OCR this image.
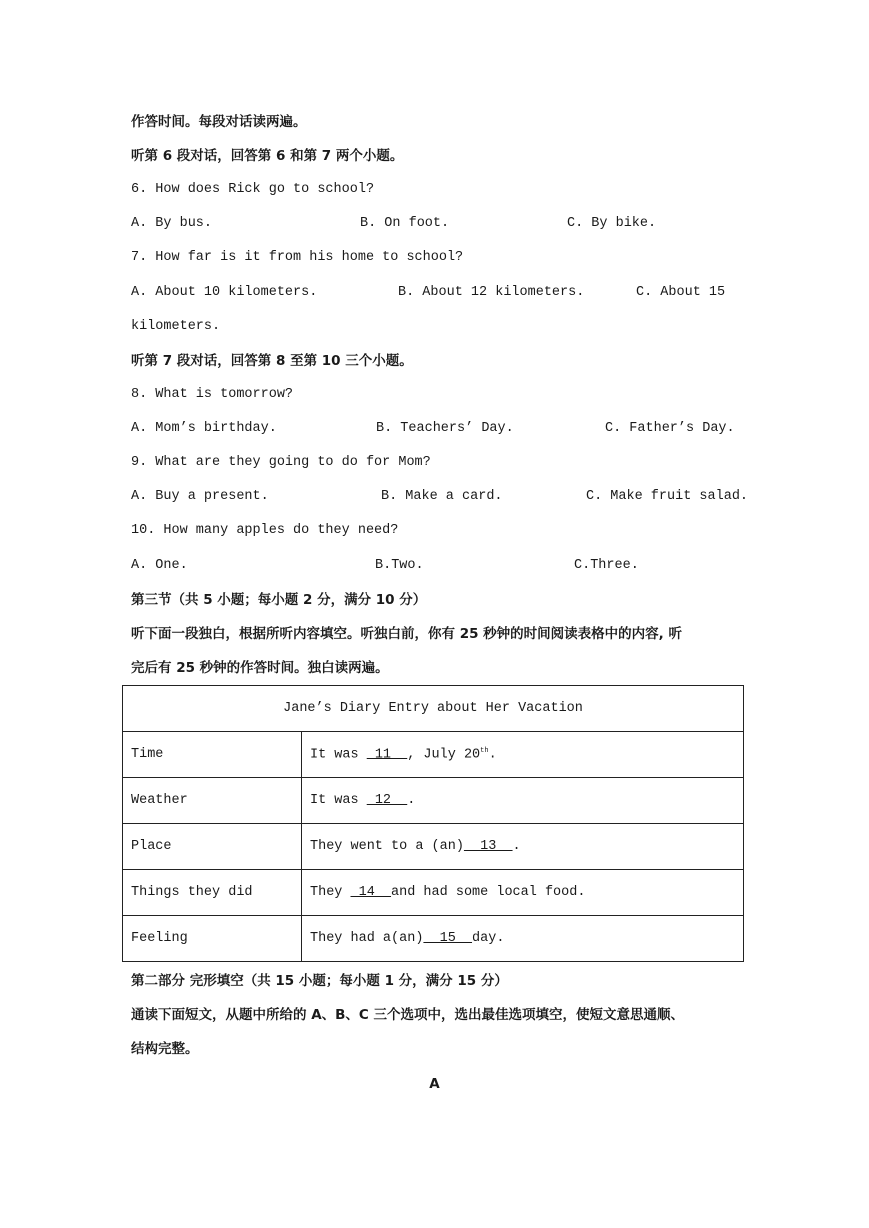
作答时间。每段对话读两遍。
听第 6 段对话，回答第 6 和第 7 两个小题。
6. How does Rick go to school?
A. By bus.	B. On foot.	C. By bike.
7. How far is it from his home to school?
A. About 10 kilometers.	B. About 12 kilometers.	C. About 15
kilometers.
听第 7 段对话，回答第 8 至第 10 三个小题。
8. What is tomorrow?
A. Mom’s birthday.	B. Teachers’ Day.	C. Father’s Day.
9. What are they going to do for Mom?
A. Buy a present.	B. Make a card.	C. Make fruit salad.
10. How many apples do they need?
A. One.	B.Two.	C.Three.
第三节（共 5 小题；每小题 2 分，满分 10 分）
听下面一段独白，根据所听内容填空。听独白前，你有 25 秒钟的时间阅读表格中的内容, 听
完后有 25 秒钟的作答时间。独白读两遍。
Jane’s Diary Entry about Her Vacation	
Time	It was  11  , July 20th.
Weather	It was  12  .
Place	They went to a (an)  13  .
Things they did	They  14  and had some local food.
Feeling	They had a(an)  15  day.
第二部分 完形填空（共 15 小题；每小题 1 分，满分 15 分）
通读下面短文，从题中所给的 A、B、C 三个选项中，选出最佳选项填空，使短文意思通顺、
结构完整。
A
